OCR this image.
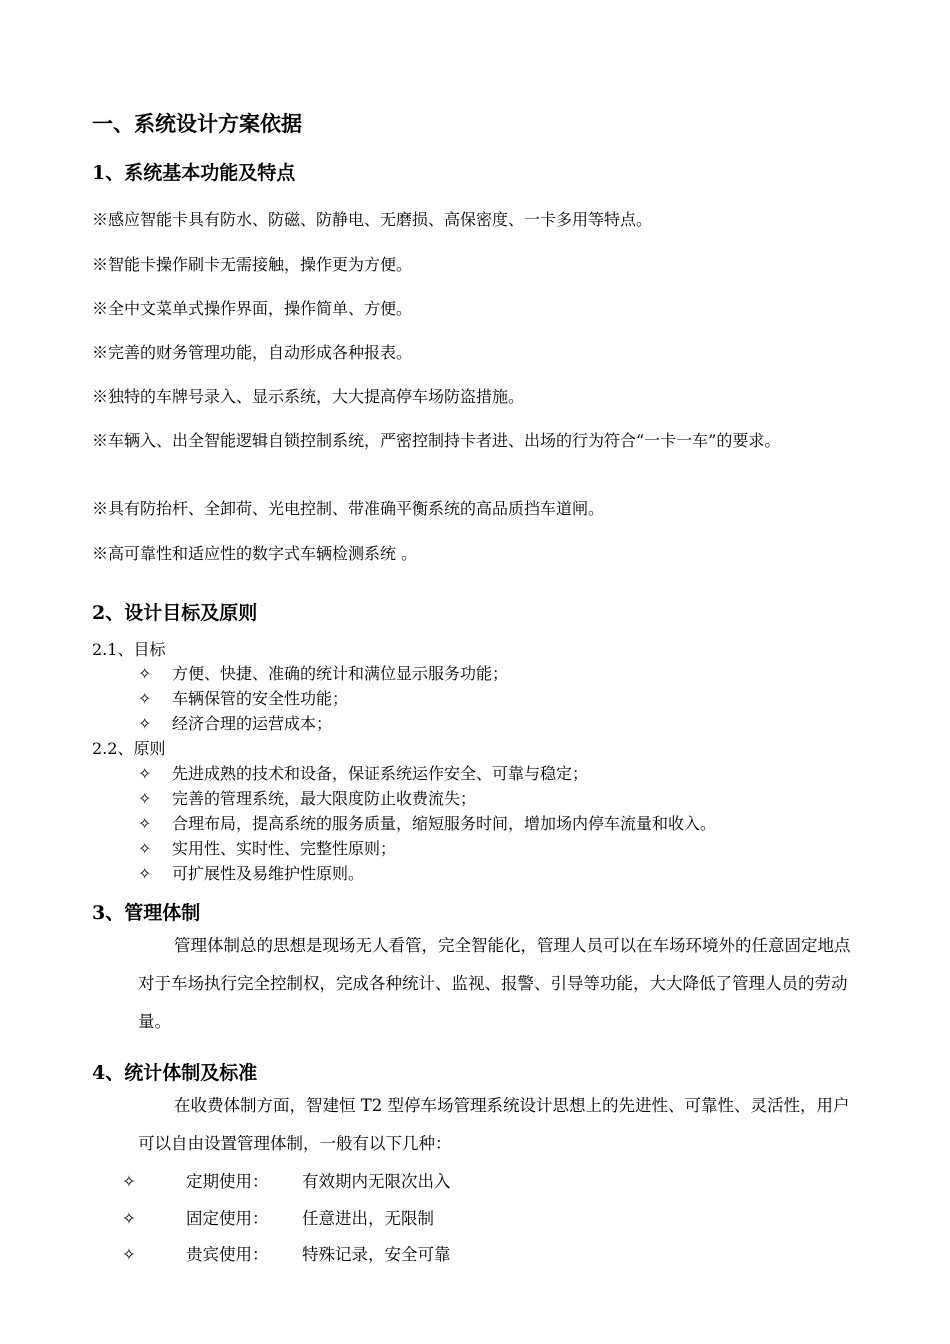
一、系统设计方案依据
1、系统基本功能及特点
※感应智能卡具有防水、防磁、防静电、无磨损、高保密度、一卡多用等特点。
※智能卡操作刷卡无需接触，操作更为方便。
※全中文菜单式操作界面，操作简单、方便。
※完善的财务管理功能，自动形成各种报表。
※独特的车牌号录入、显示系统，大大提高停车场防盗措施。
※车辆入、出全智能逻辑自锁控制系统，严密控制持卡者进、出场的行为符合“一卡一车”的要求。
※具有防抬杆、全卸荷、光电控制、带准确平衡系统的高品质挡车道闸。
※高可靠性和适应性的数字式车辆检测系统 。
2、设计目标及原则
2.1、目标
✧ 方便、快捷、准确的统计和满位显示服务功能；
✧ 车辆保管的安全性功能；
✧ 经济合理的运营成本；
2.2、原则
✧ 先进成熟的技术和设备，保证系统运作安全、可靠与稳定；
✧ 完善的管理系统，最大限度防止收费流失；
✧ 合理布局，提高系统的服务质量，缩短服务时间，增加场内停车流量和收入。
✧ 实用性、实时性、完整性原则；
✧ 可扩展性及易维护性原则。
3、管理体制
管理体制总的思想是现场无人看管，完全智能化，管理人员可以在车场环境外的任意固定地点对于车场执行完全控制权，完成各种统计、监视、报警、引导等功能，大大降低了管理人员的劳动量。
4、统计体制及标准
在收费体制方面，智建恒 T2 型停车场管理系统设计思想上的先进性、可靠性、灵活性，用户可以自由设置管理体制，一般有以下几种：
✧	定期使用： 有效期内无限次出入
✧	固定使用： 任意进出，无限制
✧	贵宾使用： 特殊记录，安全可靠
